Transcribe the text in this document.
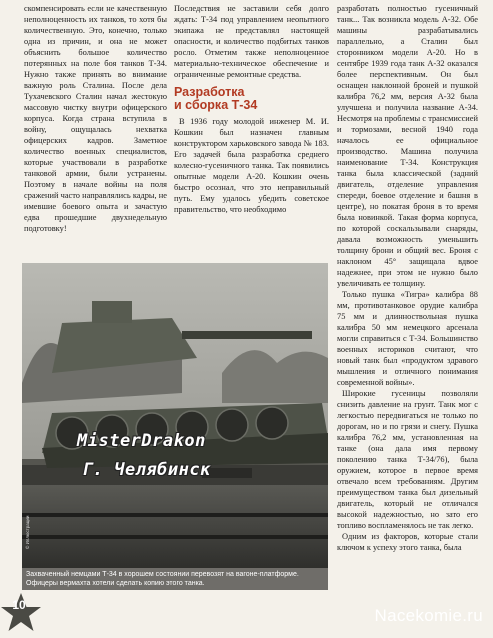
скомпенсировать если не качественную неполноценность их танков, то хотя бы количественную. Это, конечно, только одна из причин, и она не может объяснить большое количество потерянных на поле боя танков Т-34. Нужно также принять во внимание важную роль Сталина. После дела Тухачевского Сталин начал жестокую массовую чистку внутри офицерского корпуса. Когда страна вступила в войну, ощущалась нехватка офицерских кадров. Заметное количество военных специалистов, которые участвовали в разработке танковой армии, были устранены. Поэтому в начале войны на поля сражений часто направлялись кадры, не имевшие боевого опыта и зачастую едва прошедшие двухнедельную подготовку!

Последствия не заставили себя долго ждать: Т-34 под управлением неопытного экипажа не представлял настоящей опасности, и количество подбитых танков росло. Отметим также неполноценное материально-техническое обеспечение и ограниченные ремонтные средства.

Разработка
и сборка Т-34

В 1936 году молодой инженер М. И. Кошкин был назначен главным конструктором харьковского завода № 183. Его задачей была разработка среднего колесно-гусеничного танка. Так появились опытные модели А-20. Кошкин очень быстро осознал, что это неправильный путь. Ему удалось убедить советское правительство, что необходимо

разработать полностью гусеничный танк... Так возникла модель А-32. Обе машины разрабатывались параллельно, а Сталин был сторонником модели А-20. Но в сентябре 1939 года танк А-32 оказался более перспективным. Он был оснащен наклонной броней и пушкой калибра 76,2 мм, версия А-32 была улучшена и получила название А-34. Несмотря на проблемы с трансмиссией и тормозами, весной 1940 года началось ее официальное производство. Машина получила наименование Т-34. Конструкция танка была классической (задний двигатель, отделение управления спереди, боевое отделение и башня в центре), но покатая броня в то время была новинкой. Такая форма корпуса, по которой соскальзывали снаряды, давала возможность уменьшить толщину брони и общий вес. Броня с наклоном 45° защищала вдвое надежнее, при этом не нужно было увеличивать ее толщину.

Только пушка «Тигра» калибра 88 мм, противотанковое орудие калибра 75 мм и длинноствольная пушка калибра 50 мм немецкого арсенала могли справиться с Т-34. Большинство военных историков считают, что новый танк был «продуктом здравого мышления и отличного понимания современной войны».

Широкие гусеницы позволяли снизить давление на грунт. Танк мог с легкостью передвигаться не только по дорогам, но и по грязи и снегу. Пушка калибра 76,2 мм, установленная на танке (она дала имя первому поколению танка Т-34/76), была оружием, которое в первое время отвечало всем требованиям. Другим преимуществом танка был дизельный двигатель, который не отличался высокой надежностью, но зато его топливо воспламенялось не так легко.

Одним из факторов, которые стали ключом к успеху этого танка, была

MisterDrakon
Г. Челябинск
© Иллюстрации
Захваченный немцами Т-34 в хорошем состоянии перевозят на вагоне-платформе. Офицеры вермахта хотели сделать копию этого танка.
10
Nacekomie.ru
